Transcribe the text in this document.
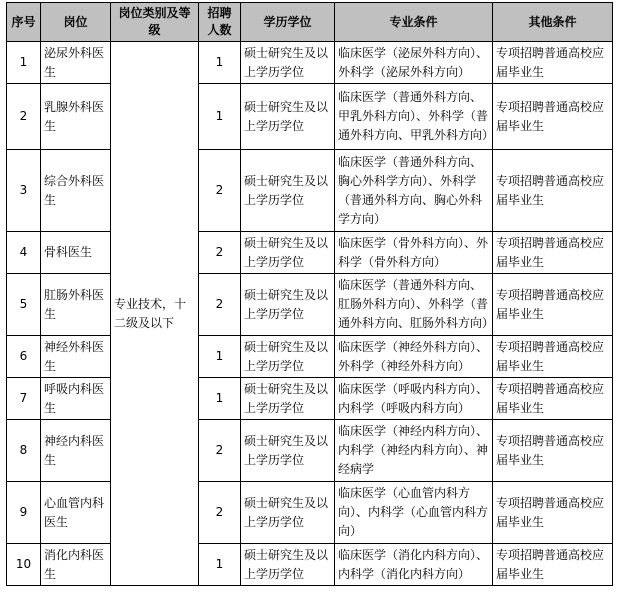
序号	岗位	岗位类别及等级	招聘人数	学历学位	专业条件	其他条件
1	泌尿外科医生	专业技术，十二级及以下	1	硕士研究生及以上学历学位	临床医学（泌尿外科方向）、外科学（泌尿外科方向）	专项招聘普通高校应届毕业生
2	乳腺外科医生		1	硕士研究生及以上学历学位	临床医学（普通外科方向、甲乳外科方向）、外科学（普通外科方向、甲乳外科方向）	专项招聘普通高校应届毕业生
3	综合外科医生		2	硕士研究生及以上学历学位	临床医学（普通外科方向、胸心外科学方向）、外科学（普通外科方向、胸心外科学方向）	专项招聘普通高校应届毕业生
4	骨科医生		2	硕士研究生及以上学历学位	临床医学（骨外科方向）、外科学（骨外科方向）	专项招聘普通高校应届毕业生
5	肛肠外科医生		2	硕士研究生及以上学历学位	临床医学（普通外科方向、肛肠外科方向）、外科学（普通外科方向、肛肠外科方向）	专项招聘普通高校应届毕业生
6	神经外科医生		1	硕士研究生及以上学历学位	临床医学（神经外科方向）、外科学（神经外科方向）	专项招聘普通高校应届毕业生
7	呼吸内科医生		1	硕士研究生及以上学历学位	临床医学（呼吸内科方向）、内科学（呼吸内科方向）	专项招聘普通高校应届毕业生
8	神经内科医生		2	硕士研究生及以上学历学位	临床医学（神经内科方向）、内科学（神经内科方向）、神经病学	专项招聘普通高校应届毕业生
9	心血管内科医生		2	硕士研究生及以上学历学位	临床医学（心血管内科方向）、内科学（心血管内科方向）	专项招聘普通高校应届毕业生
10	消化内科医生		1	硕士研究生及以上学历学位	临床医学（消化内科方向）、内科学（消化内科方向）	专项招聘普通高校应届毕业生
